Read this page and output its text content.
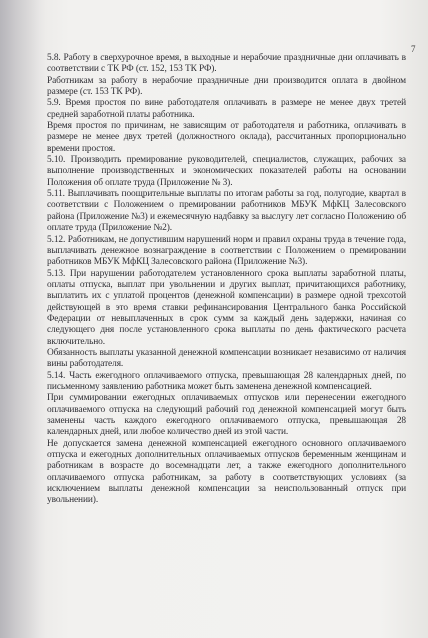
7

5.8. Работу в сверхурочное время, в выходные и нерабочие праздничные дни оплачивать в соответствии с ТК РФ (ст. 152, 153 ТК РФ).

Работникам за работу в нерабочие праздничные дни производится оплата в двойном размере (ст. 153 ТК РФ).

5.9. Время простоя по вине работодателя оплачивать в размере не менее двух третей средней заработной платы работника.

Время простоя по причинам, не зависящим от работодателя и работника, оплачивать в размере не менее двух третей (должностного оклада), рассчитанных пропорционально времени простоя.

5.10. Производить премирование руководителей, специалистов, служащих, рабочих за выполнение производственных и экономических показателей работы на основании Положения об оплате труда (Приложение № 3).

5.11. Выплачивать поощрительные выплаты по итогам работы за год, полугодие, квартал в соответствии с Положением о премировании работников МБУК МфКЦ Залесовского района (Приложение №3) и ежемесячную надбавку за выслугу лет согласно Положению об оплате труда (Приложение №2).

5.12. Работникам, не допустившим нарушений норм и правил охраны труда в течение года, выплачивать денежное вознаграждение в соответствии с Положением о премировании работников МБУК МфКЦ Залесовского района (Приложение №3).

5.13. При нарушении работодателем установленного срока выплаты заработной платы, оплаты отпуска, выплат при увольнении и других выплат, причитающихся работнику, выплатить их с уплатой процентов (денежной компенсации) в размере одной трехсотой действующей в это время ставки рефинансирования Центрального банка Российской Федерации от невыплаченных в срок сумм за каждый день задержки, начиная со следующего дня после установленного срока выплаты по день фактического расчета включительно.

Обязанность выплаты указанной денежной компенсации возникает независимо от наличия вины работодателя.

5.14. Часть ежегодного оплачиваемого отпуска, превышающая 28 календарных дней, по письменному заявлению работника может быть заменена денежной компенсацией.

При суммировании ежегодных оплачиваемых отпусков или перенесении ежегодного оплачиваемого отпуска на следующий рабочий год денежной компенсацией могут быть заменены часть каждого ежегодного оплачиваемого отпуска, превышающая 28 календарных дней, или любое количество дней из этой части.

Не допускается замена денежной компенсацией ежегодного основного оплачиваемого отпуска и ежегодных дополнительных оплачиваемых отпусков беременным женщинам и работникам в возрасте до восемнадцати лет, а также ежегодного дополнительного оплачиваемого отпуска работникам, за работу в соответствующих условиях (за исключением выплаты денежной компенсации за неиспользованный отпуск при увольнении).
